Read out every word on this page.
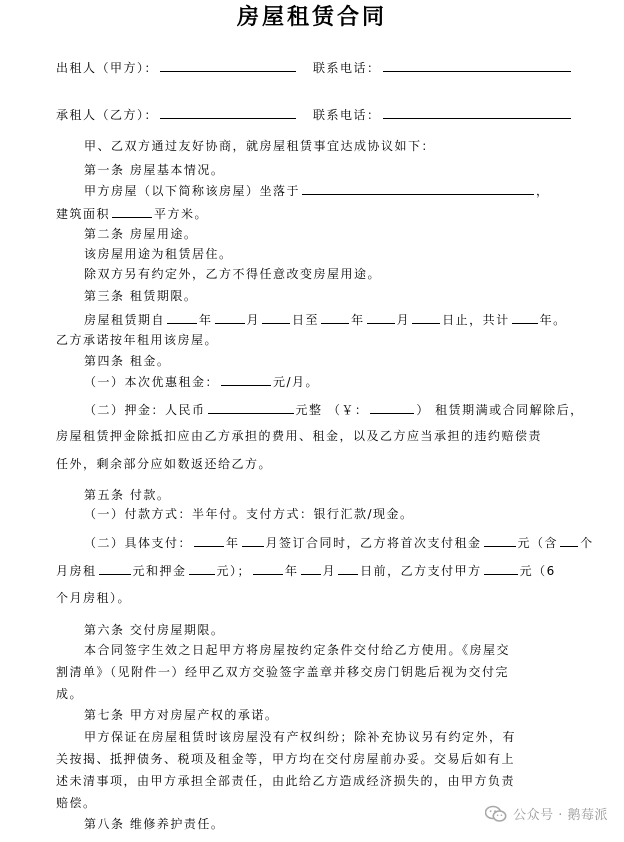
房屋租赁合同
出租人（甲方）：	联系电话：
承租人（乙方）：	联系电话：
甲、乙双方通过友好协商，就房屋租赁事宜达成协议如下：
第一条 房屋基本情况。
甲方房屋（以下简称该房屋）坐落于	，
建筑面积	平方米。
第二条 房屋用途。
该房屋用途为租赁居住。
除双方另有约定外，乙方不得任意改变房屋用途。
第三条 租赁期限。
房屋租赁期自	年	月	日至	年	月	日止，共计	年。
乙方承诺按年租用该房屋。
第四条 租金。
（一）本次优惠租金：	元/月。
（二）押金：人民币	元整 （￥：	） 租赁期满或合同解除后，
房屋租赁押金除抵扣应由乙方承担的费用、租金，以及乙方应当承担的违约赔偿责
任外，剩余部分应如数返还给乙方。
第五条 付款。
（一）付款方式：半年付。支付方式：银行汇款/现金。
（二）具体支付：	年 月签订合同时，乙方将首次支付租金	元（含 个
月房租	元和押金	元）；	年 月 日前，乙方支付甲方	元（6
个月房租）。
第六条 交付房屋期限。
本合同签字生效之日起甲方将房屋按约定条件交付给乙方使用。《房屋交
割清单》（见附件一）经甲乙双方交验签字盖章并移交房门钥匙后视为交付完
成。
第七条 甲方对房屋产权的承诺。
甲方保证在房屋租赁时该房屋没有产权纠纷；除补充协议另有约定外，有
关按揭、抵押债务、税项及租金等，甲方均在交付房屋前办妥。交易后如有上
述未清事项，由甲方承担全部责任，由此给乙方造成经济损失的，由甲方负责
赔偿。
第八条 维修养护责任。
公众号 · 鹅莓派
